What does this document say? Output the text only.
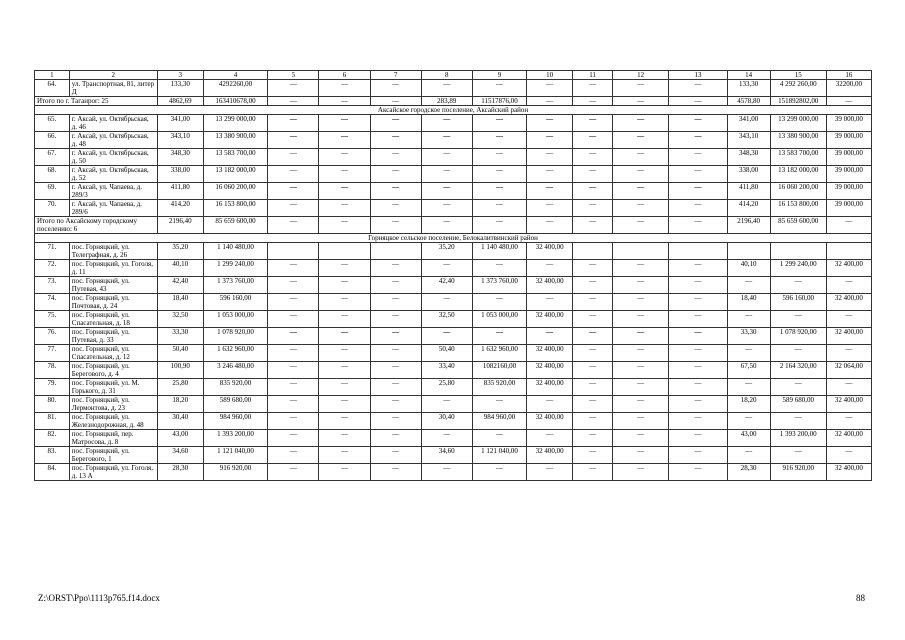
1	2	3	4	5	6	7	8	9	10	11	12	13	14	15	16
64.	ул. Транспортная, 81, литер Д	133,30	4292260,00	—	—	—	—	—	—	—	—	—	133,30	4 292 260,00	32200,00
Итого по г. Таганрог: 25		4862,69	163410678,00	—	—	—	283,89	11517876,00	—	—	—	—	4578,80	151892802,00	—
Аксайское городское поселение, Аксайский район															
65.	г. Аксай, ул. Октябрьская, д. 46	341,00	13 299 000,00	—	—	—	—	—	—	—	—	—	341,00	13 299 000,00	39 000,00
66.	г. Аксай, ул. Октябрьская, д. 48	343,10	13 380 900,00	—	—	—	—	—	—	—	—	—	343,10	13 380 900,00	39 000,00
67.	г. Аксай, ул. Октябрьская, д. 50	348,30	13 583 700,00	—	—	—	—	—	—	—	—	—	348,30	13 583 700,00	39 000,00
68.	г. Аксай, ул. Октябрьская, д. 52	338,00	13 182 000,00	—	—	—	—	—	—	—	—	—	338,00	13 182 000,00	39 000,00
69.	г. Аксай, ул. Чапаева, д. 289/3	411,80	16 060 200,00	—	—	—	—	—	—	—	—	—	411,80	16 060 200,00	39 000,00
70.	г. Аксай, ул. Чапаева, д. 289/6	414,20	16 153 800,00	—	—	—	—	—	—	—	—	—	414,20	16 153 800,00	39 000,00
Итого по Аксайскому городскому поселению: 6		2196,40	85 659 600,00	—	—	—	—	—	—	—	—	—	2196,40	85 659 600,00	—
Горняцкое сельское поселение, Белокалитвинский район															
71.	пос. Горняцкий, ул. Телеграфная, д. 26	35,20	1 140 480,00				35,20	1 140 480,00	32 400,00						
72.	пос. Горняцкий, ул. Гоголя, д. 11	40,10	1 299 240,00	—	—	—	—	—	—	—	—	—	40,10	1 299 240,00	32 400,00
73.	пос. Горняцкий, ул. Путевая, 43	42,40	1 373 760,00	—	—	—	42,40	1 373 760,00	32 400,00	—	—	—	—	—	—
74.	пос. Горняцкий, ул. Почтовая, д. 24	18,40	596 160,00	—	—	—	—	—	—	—	—	—	18,40	596 160,00	32 400,00
75.	пос. Горняцкий, ул. Спасательная, д. 18	32,50	1 053 000,00	—	—	—	32,50	1 053 000,00	32 400,00	—	—	—	—	—	—
76.	пос. Горняцкий, ул. Путевая, д. 33	33,30	1 078 920,00	—	—	—	—	—	—	—	—	—	33,30	1 078 920,00	32 400,00
77.	пос. Горняцкий, ул. Спасательная, д. 12	50,40	1 632 960,00	—	—	—	50,40	1 632 960,00	32 400,00	—	—	—	—	—	—
78.	пос. Горняцкий, ул. Берегового, д. 4	100,90	3 246 480,00	—	—	—	33,40	1082160,00	32 400,00	—	—	—	67,50	2 164 320,00	32 064,00
79.	пос. Горняцкий, ул. М. Горького, д. 31	25,80	835 920,00	—	—	—	25,80	835 920,00	32 400,00	—	—	—	—	—	—
80.	пос. Горняцкий, ул. Лермонтова, д. 23	18,20	589 680,00	—	—	—	—	—	—	—	—	—	18,20	589 680,00	32 400,00
81.	пос. Горняцкий, ул. Железнодорожная, д. 48	30,40	984 960,00	—	—	—	30,40	984 960,00	32 400,00	—	—	—	—	—	—
82.	пос. Горняцкий, пер. Матросова, д. 8	43,00	1 393 200,00	—	—	—	—	—	—	—	—	—	43,00	1 393 200,00	32 400,00
83.	пос. Горняцкий, ул. Берегового, 1	34,60	1 121 040,00	—	—	—	34,60	1 121 040,00	32 400,00	—	—	—	—	—	—
84.	пос. Горняцкий, ул. Гоголя, д. 13 А	28,30	916 920,00	—	—	—	—	—	—	—	—	—	28,30	916 920,00	32 400,00
Z:\ORST\Ppo\1113p765.f14.docx	88
